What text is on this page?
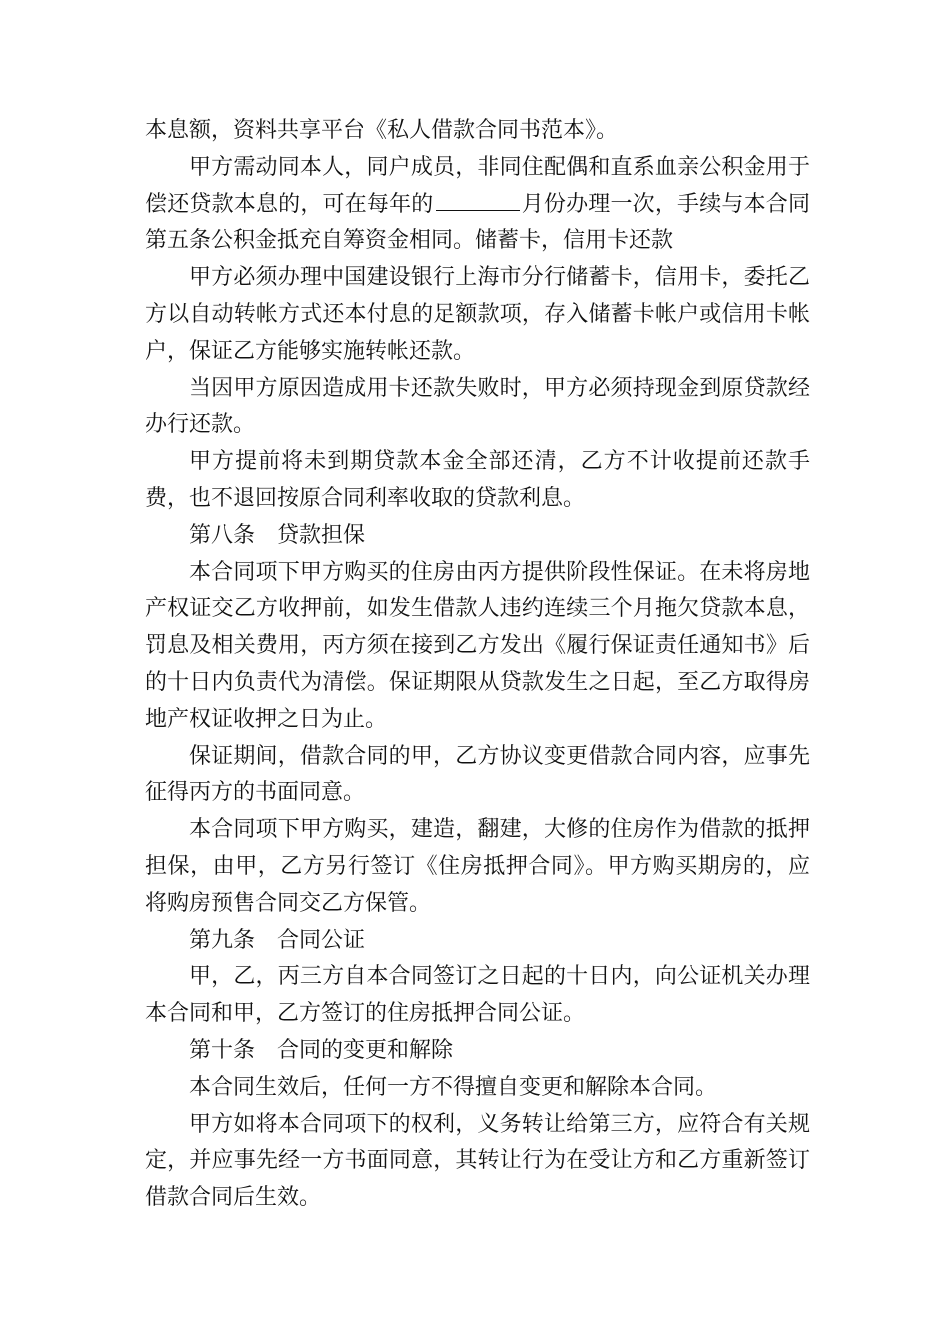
本息额，资料共享平台《私人借款合同书范本》。

甲方需动同本人，同户成员，非同住配偶和直系血亲公积金用于偿还贷款本息的，可在每年的	月份办理一次，手续与本合同第五条公积金抵充自筹资金相同。储蓄卡，信用卡还款

甲方必须办理中国建设银行上海市分行储蓄卡，信用卡，委托乙方以自动转帐方式还本付息的足额款项，存入储蓄卡帐户或信用卡帐户，保证乙方能够实施转帐还款。

当因甲方原因造成用卡还款失败时，甲方必须持现金到原贷款经办行还款。

甲方提前将未到期贷款本金全部还清，乙方不计收提前还款手费，也不退回按原合同利率收取的贷款利息。

第八条 贷款担保

本合同项下甲方购买的住房由丙方提供阶段性保证。在未将房地产权证交乙方收押前，如发生借款人违约连续三个月拖欠贷款本息，罚息及相关费用，丙方须在接到乙方发出《履行保证责任通知书》后的十日内负责代为清偿。保证期限从贷款发生之日起，至乙方取得房地产权证收押之日为止。

保证期间，借款合同的甲，乙方协议变更借款合同内容，应事先征得丙方的书面同意。

本合同项下甲方购买，建造，翻建，大修的住房作为借款的抵押担保，由甲，乙方另行签订《住房抵押合同》。甲方购买期房的，应将购房预售合同交乙方保管。

第九条 合同公证

甲，乙，丙三方自本合同签订之日起的十日内，向公证机关办理本合同和甲，乙方签订的住房抵押合同公证。

第十条 合同的变更和解除

本合同生效后，任何一方不得擅自变更和解除本合同。

甲方如将本合同项下的权利，义务转让给第三方，应符合有关规定，并应事先经一方书面同意，其转让行为在受让方和乙方重新签订借款合同后生效。
